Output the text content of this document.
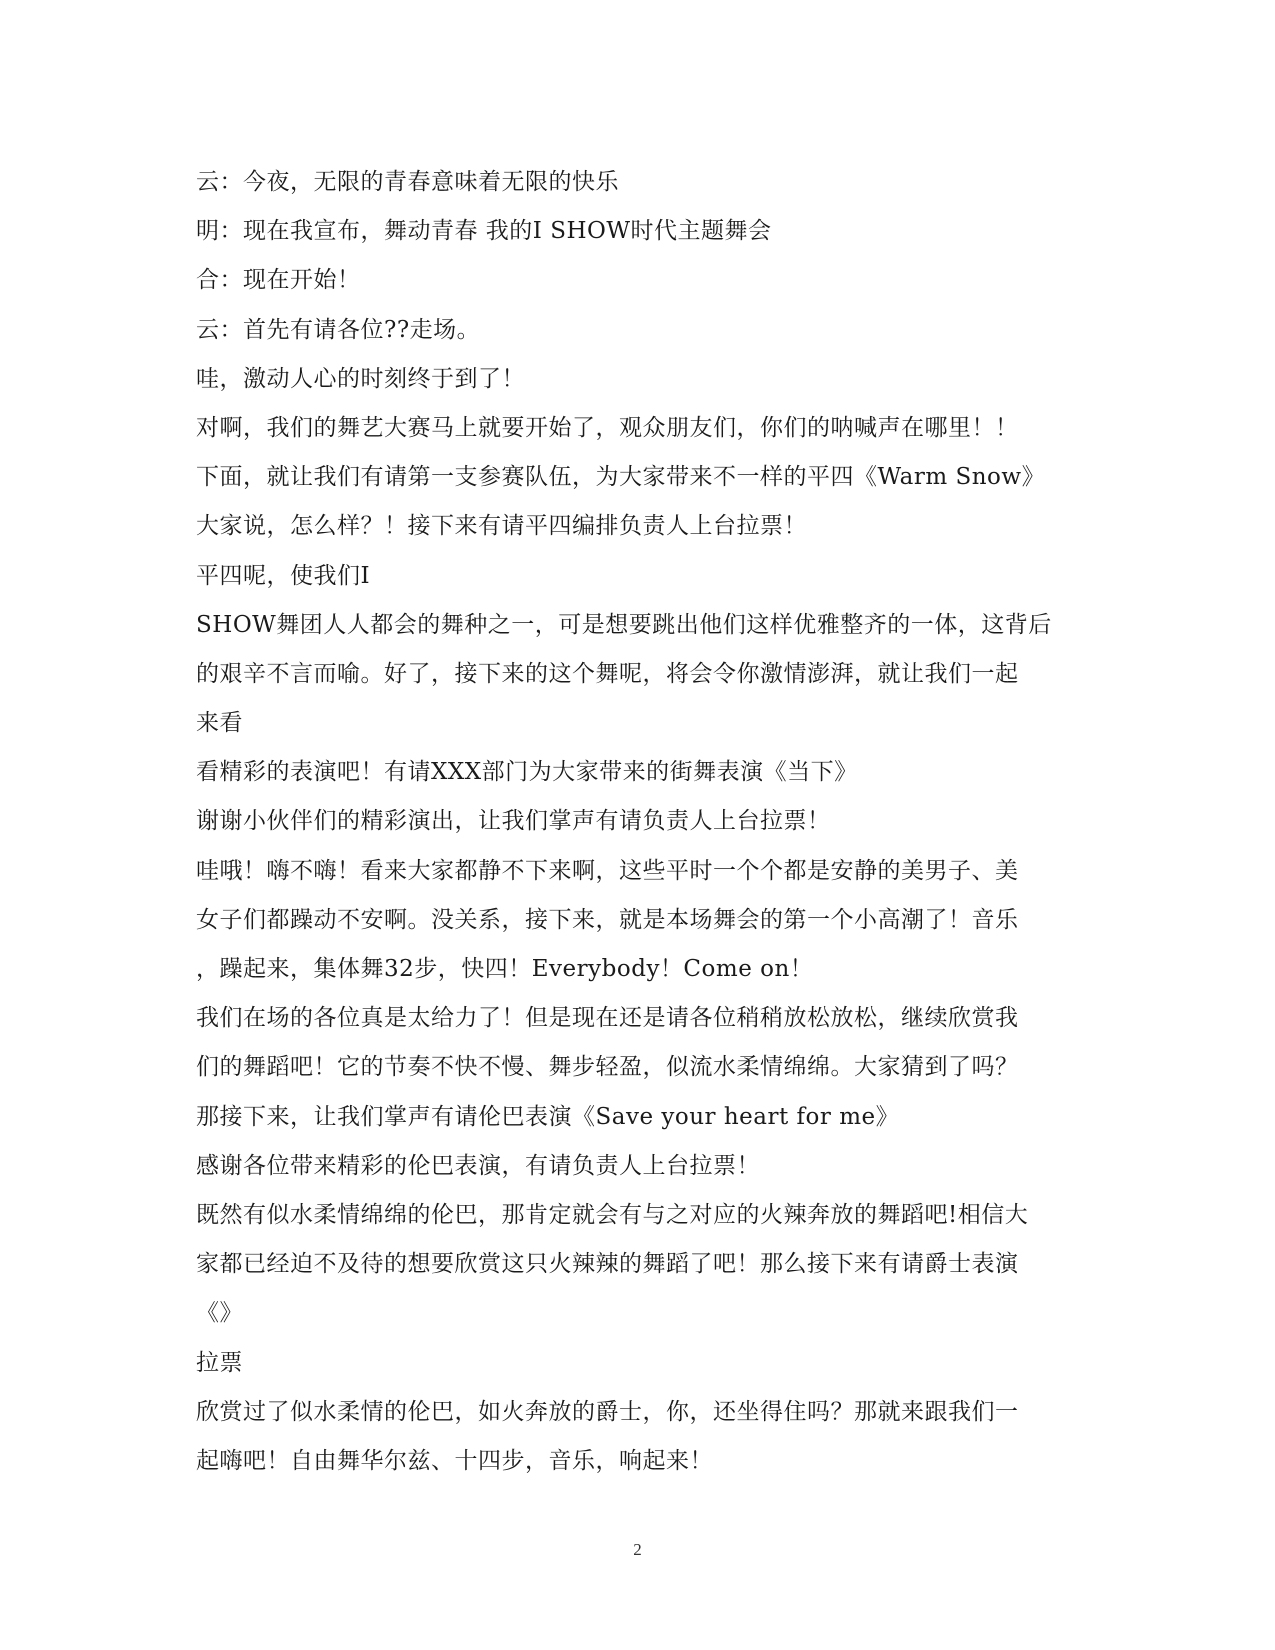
云：今夜，无限的青春意味着无限的快乐
明：现在我宣布，舞动青春 我的I SHOW时代主题舞会
合：现在开始！
云：首先有请各位??走场。
哇，激动人心的时刻终于到了！
对啊，我们的舞艺大赛马上就要开始了，观众朋友们，你们的呐喊声在哪里！！
下面，就让我们有请第一支参赛队伍，为大家带来不一样的平四《Warm Snow》
大家说，怎么样？！接下来有请平四编排负责人上台拉票！
平四呢，使我们I
SHOW舞团人人都会的舞种之一，可是想要跳出他们这样优雅整齐的一体，这背后
的艰辛不言而喻。好了，接下来的这个舞呢，将会令你激情澎湃，就让我们一起
来看
看精彩的表演吧！有请XXX部门为大家带来的街舞表演《当下》
谢谢小伙伴们的精彩演出，让我们掌声有请负责人上台拉票！
哇哦！嗨不嗨！看来大家都静不下来啊，这些平时一个个都是安静的美男子、美
女子们都躁动不安啊。没关系，接下来，就是本场舞会的第一个小高潮了！音乐
，躁起来，集体舞32步，快四！Everybody！Come on！
我们在场的各位真是太给力了！但是现在还是请各位稍稍放松放松，继续欣赏我
们的舞蹈吧！它的节奏不快不慢、舞步轻盈，似流水柔情绵绵。大家猜到了吗？
那接下来，让我们掌声有请伦巴表演《Save your heart for me》
感谢各位带来精彩的伦巴表演，有请负责人上台拉票！
既然有似水柔情绵绵的伦巴，那肯定就会有与之对应的火辣奔放的舞蹈吧!相信大
家都已经迫不及待的想要欣赏这只火辣辣的舞蹈了吧！那么接下来有请爵士表演
《》
拉票
欣赏过了似水柔情的伦巴，如火奔放的爵士，你，还坐得住吗？那就来跟我们一
起嗨吧！自由舞华尔兹、十四步，音乐，响起来！
2
